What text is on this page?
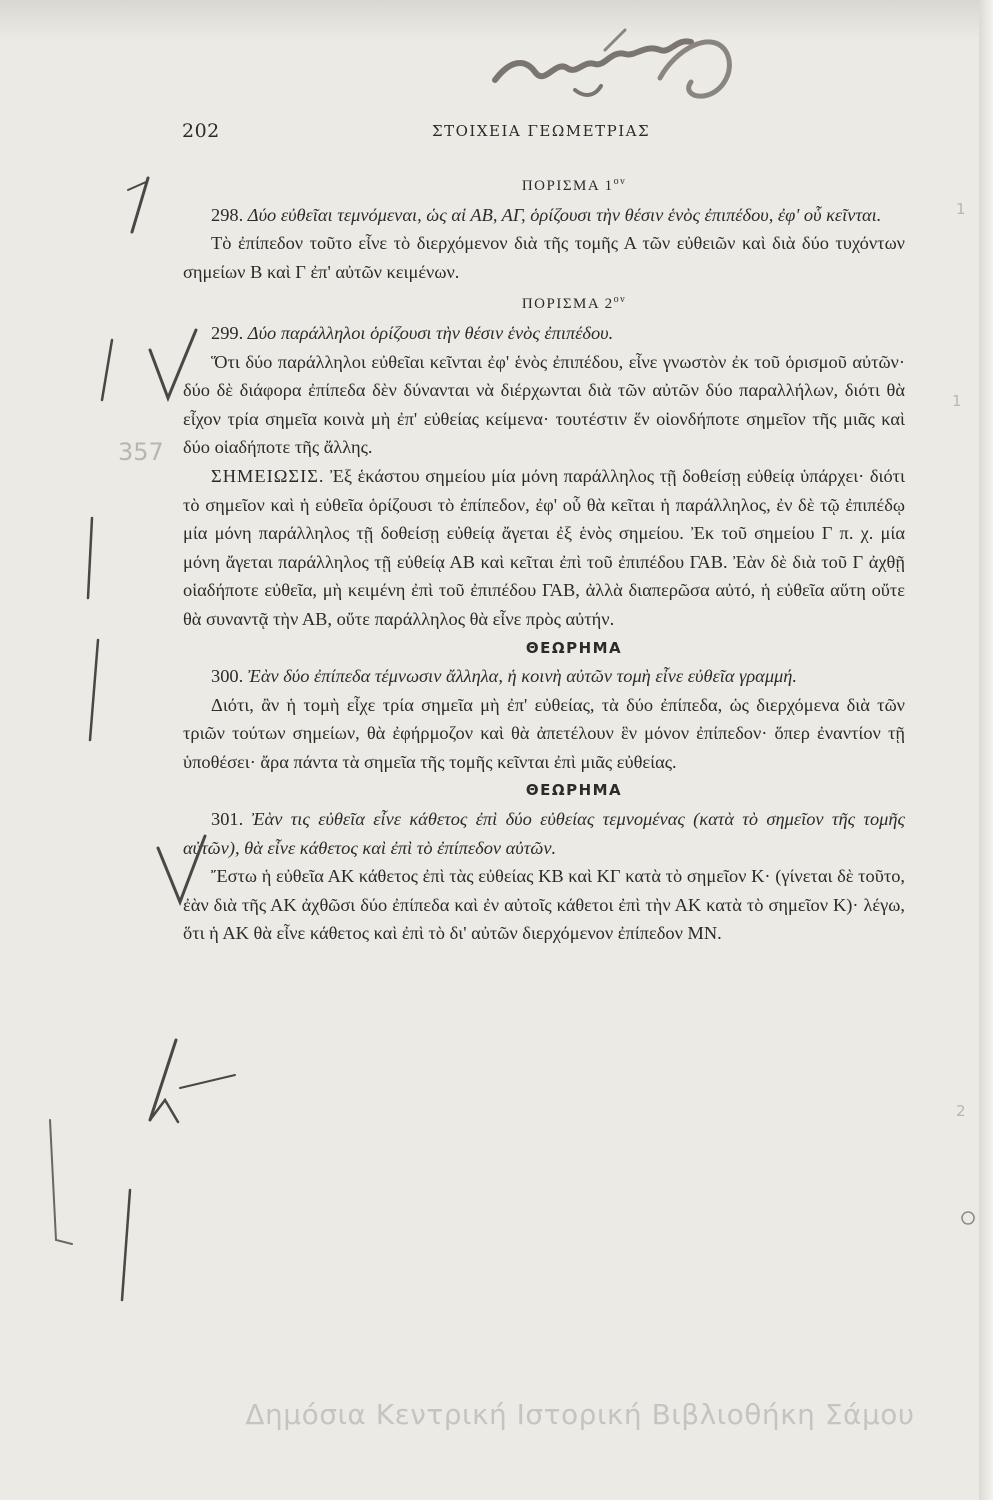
202	ΣΤΟΙΧΕΙΑ ΓΕΩΜΕΤΡΙΑΣ
ΠΟΡΙΣΜΑ $1^{o\nu}$

298. Δύο εὐθεῖαι τεμνόμεναι, ὡς αἱ ΑΒ, ΑΓ, ὁρίζουσι τὴν θέσιν ἑνὸς ἐπιπέδου, ἐφ' οὗ κεῖνται.

Τὸ ἐπίπεδον τοῦτο εἶνε τὸ διερχόμενον διὰ τῆς τομῆς Α τῶν εὐθειῶν καὶ διὰ δύο τυχόντων σημείων Β καὶ Γ ἐπ' αὐτῶν κειμένων.

ΠΟΡΙΣΜΑ $2^{o\nu}$

299. Δύο παράλληλοι ὁρίζουσι τὴν θέσιν ἑνὸς ἐπιπέδου.

Ὅτι δύο παράλληλοι εὐθεῖαι κεῖνται ἐφ' ἑνὸς ἐπιπέδου, εἶνε γνωστὸν ἐκ τοῦ ὁρισμοῦ αὐτῶν· δύο δὲ διάφορα ἐπίπεδα δὲν δύνανται νὰ διέρχωνται διὰ τῶν αὐτῶν δύο παραλλήλων, διότι θὰ εἶχον τρία σημεῖα κοινὰ μὴ ἐπ' εὐθείας κείμενα· τουτέστιν ἕν οἱονδήποτε σημεῖον τῆς μιᾶς καὶ δύο οἱαδήποτε τῆς ἄλλης.

ΣΗΜΕΙΩΣΙΣ. Ἐξ ἑκάστου σημείου μία μόνη παράλληλος τῇ δοθείσῃ εὐθείᾳ ὑπάρχει· διότι τὸ σημεῖον καὶ ἡ εὐθεῖα ὁρίζουσι τὸ ἐπίπεδον, ἐφ' οὗ θὰ κεῖται ἡ παράλληλος, ἐν δὲ τῷ ἐπιπέδῳ μία μόνη παράλληλος τῇ δοθείσῃ εὐθείᾳ ἄγεται ἐξ ἑνὸς σημείου. Ἐκ τοῦ σημείου Γ π. χ. μία μόνη ἄγεται παράλληλος τῇ εὐθείᾳ ΑΒ καὶ κεῖται ἐπὶ τοῦ ἐπιπέδου ΓΑΒ. Ἐὰν δὲ διὰ τοῦ Γ ἀχθῇ οἱαδήποτε εὐθεῖα, μὴ κειμένη ἐπὶ τοῦ ἐπιπέδου ΓΑΒ, ἀλλὰ διαπερῶσα αὐτό, ἡ εὐθεῖα αὕτη οὔτε θὰ συναντᾷ τὴν ΑΒ, οὔτε παράλληλος θὰ εἶνε πρὸς αὐτήν.

ΘΕΩΡΗΜΑ

300. Ἐὰν δύο ἐπίπεδα τέμνωσιν ἄλληλα, ἡ κοινὴ αὐτῶν τομὴ εἶνε εὐθεῖα γραμμή.

Διότι, ἂν ἡ τομὴ εἶχε τρία σημεῖα μὴ ἐπ' εὐθείας, τὰ δύο ἐπίπεδα, ὡς διερχόμενα διὰ τῶν τριῶν τούτων σημείων, θὰ ἐφήρμοζον καὶ θὰ ἀπετέλουν ἓν μόνον ἐπίπεδον· ὅπερ ἐναντίον τῇ ὑποθέσει· ἄρα πάντα τὰ σημεῖα τῆς τομῆς κεῖνται ἐπὶ μιᾶς εὐθείας.

ΘΕΩΡΗΜΑ

301. Ἐὰν τις εὐθεῖα εἶνε κάθετος ἐπὶ δύο εὐθείας τεμνομένας (κατὰ τὸ σημεῖον τῆς τομῆς αὐτῶν), θὰ εἶνε κάθετος καὶ ἐπὶ τὸ ἐπίπεδον αὐτῶν.

Ἔστω ἡ εὐθεῖα ΑΚ κάθετος ἐπὶ τὰς εὐθείας ΚΒ καὶ ΚΓ κατὰ τὸ σημεῖον Κ· (γίνεται δὲ τοῦτο, ἐὰν διὰ τῆς ΑΚ ἀχθῶσι δύο ἐπίπεδα καὶ ἐν αὐτοῖς κάθετοι ἐπὶ τὴν ΑΚ κατὰ τὸ σημεῖον Κ)· λέγω, ὅτι ἡ ΑΚ θὰ εἶνε κάθετος καὶ ἐπὶ τὸ δι' αὐτῶν διερχόμενον ἐπίπεδον ΜΝ.

1
357
1
2
Δημόσια Κεντρική Ιστορική Βιβλιοθήκη Σάμου
